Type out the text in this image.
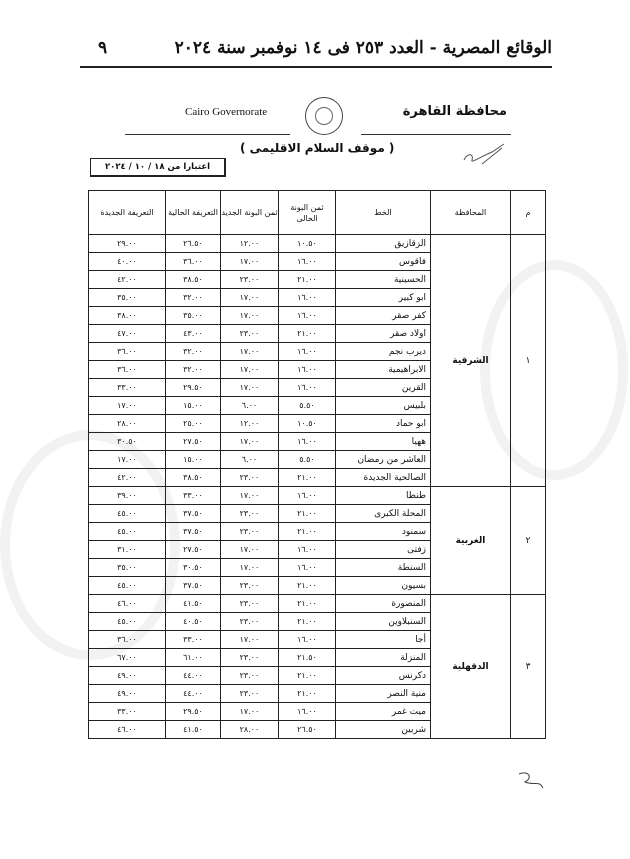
٩	الوقائع المصرية - العدد ٢٥٣ فى ١٤ نوفمبر سنة ٢٠٢٤
Cairo Governorate	محافظة القاهرة
( موقف السلام الاقليمى )
اعتبارا من ١٨ / ١٠ / ٢٠٢٤
م	المحافظة	الخط	ثمن البونة الحالى	ثمن البونة الجديد	التعريفة الحالية	التعريفة الجديدة
١	الشرقية	الزقازيق	١٠.٥٠	١٢.٠٠	٢٦.٥٠	٢٩.٠٠
		فاقوس	١٦.٠٠	١٧.٠٠	٣٦.٠٠	٤٠.٠٠
		الحسينية	٢١.٠٠	٢٣.٠٠	٣٨.٥٠	٤٢.٠٠
		ابو كبير	١٦.٠٠	١٧.٠٠	٣٢.٠٠	٣٥.٠٠
		كفر صقر	١٦.٠٠	١٧.٠٠	٣٥.٠٠	٣٨.٠٠
		اولاد صقر	٢١.٠٠	٢٣.٠٠	٤٣.٠٠	٤٧.٠٠
		ديرب نجم	١٦.٠٠	١٧.٠٠	٣٢.٠٠	٣٦.٠٠
		الابراهيمية	١٦.٠٠	١٧.٠٠	٣٢.٠٠	٣٦.٠٠
		القرين	١٦.٠٠	١٧.٠٠	٢٩.٥٠	٣٣.٠٠
		بلبيس	٥.٥٠	٦.٠٠	١٥.٠٠	١٧.٠٠
		ابو حماد	١٠.٥٠	١٢.٠٠	٢٥.٠٠	٢٨.٠٠
		ههيا	١٦.٠٠	١٧.٠٠	٢٧.٥٠	٣٠.٥٠
		العاشر من رمضان	٥.٥٠	٦.٠٠	١٥.٠٠	١٧.٠٠
		الصالحية الجديدة	٢١.٠٠	٢٣.٠٠	٣٨.٥٠	٤٢.٠٠
٢	الغربية	طنطا	١٦.٠٠	١٧.٠٠	٣٣.٠٠	٣٩.٠٠
		المحلة الكبرى	٢١.٠٠	٢٣.٠٠	٣٧.٥٠	٤٥.٠٠
		سمنود	٢١.٠٠	٢٣.٠٠	٣٧.٥٠	٤٥.٠٠
		زفتى	١٦.٠٠	١٧.٠٠	٢٧.٥٠	٣١.٠٠
		السنطة	١٦.٠٠	١٧.٠٠	٣٠.٥٠	٣٥.٠٠
		بسيون	٢١.٠٠	٢٣.٠٠	٣٧.٥٠	٤٥.٠٠
٣	الدقهلية	المنصورة	٢١.٠٠	٢٣.٠٠	٤١.٥٠	٤٦.٠٠
		السنبلاوين	٢١.٠٠	٢٣.٠٠	٤٠.٥٠	٤٥.٠٠
		أجا	١٦.٠٠	١٧.٠٠	٣٣.٠٠	٣٦.٠٠
		المنزلة	٢١.٥٠	٢٣.٠٠	٦١.٠٠	٦٧.٠٠
		دكرنس	٢١.٠٠	٢٣.٠٠	٤٤.٠٠	٤٩.٠٠
		منية النصر	٢١.٠٠	٢٣.٠٠	٤٤.٠٠	٤٩.٠٠
		ميت غمر	١٦.٠٠	١٧.٠٠	٢٩.٥٠	٣٣.٠٠
		شربين	٢٦.٥٠	٢٨.٠٠	٤١.٥٠	٤٦.٠٠
